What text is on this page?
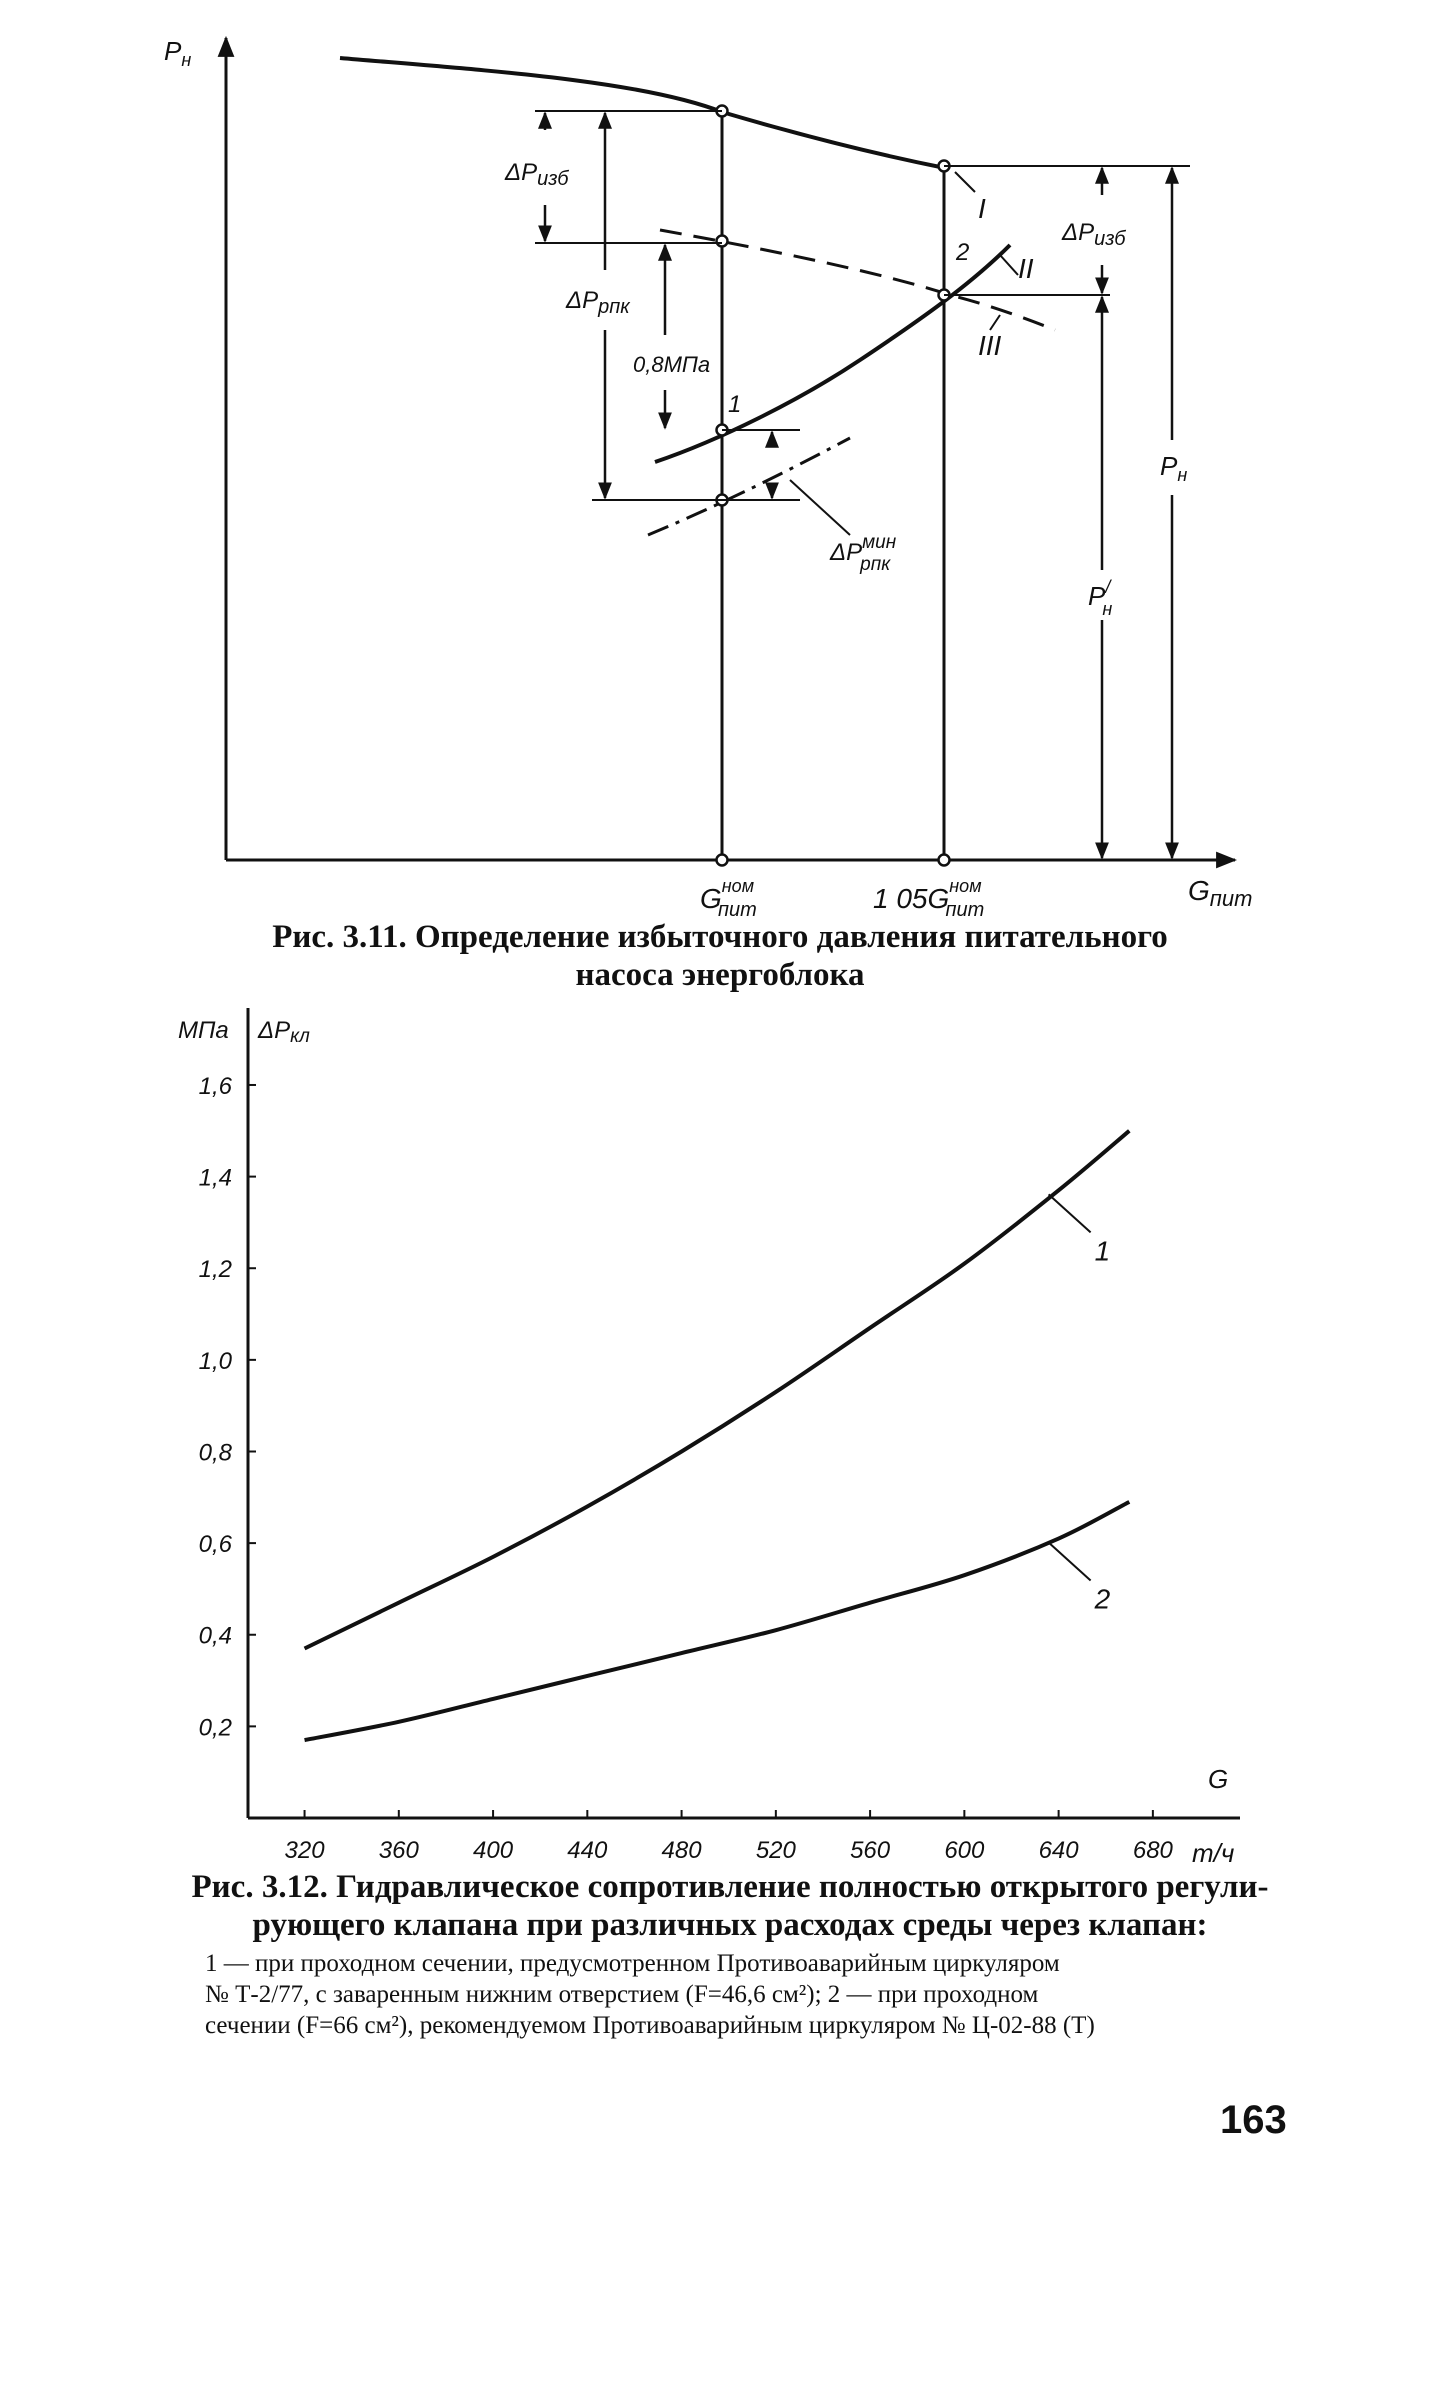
$P_н$
$G_{пит}$
$\Delta P_{изб}$
$\Delta P_{рпк}$
0,8МПа
$\Delta P^{мин}$ рпк
$\Delta P_{изб}$
P/ н
$P_н$
I
II
III
1
2
$G^{ном}$ пит	1 $05G^{ном}$ пит
Рис. 3.11. Определение избыточного давления питательного
насоса энергоблока
МПа ΔPкл
G
т/ч
320 360 400 440 480 520 560 600 640 680
0,2
0,4
0,6
0,8
1,0
1,2
1,4
1,6
1
2
Рис. 3.12. Гидравлическое сопротивление полностью открытого регули-
рующего клапана при различных расходах среды через клапан:
1 — при проходном сечении, предусмотренном Противоаварийным циркуляром
№ Т-2/77, с заваренным нижним отверстием (F=46,6 см²); 2 — при проходном
сечении (F=66 см²), рекомендуемом Противоаварийным циркуляром № Ц-02-88 (Т)
163
